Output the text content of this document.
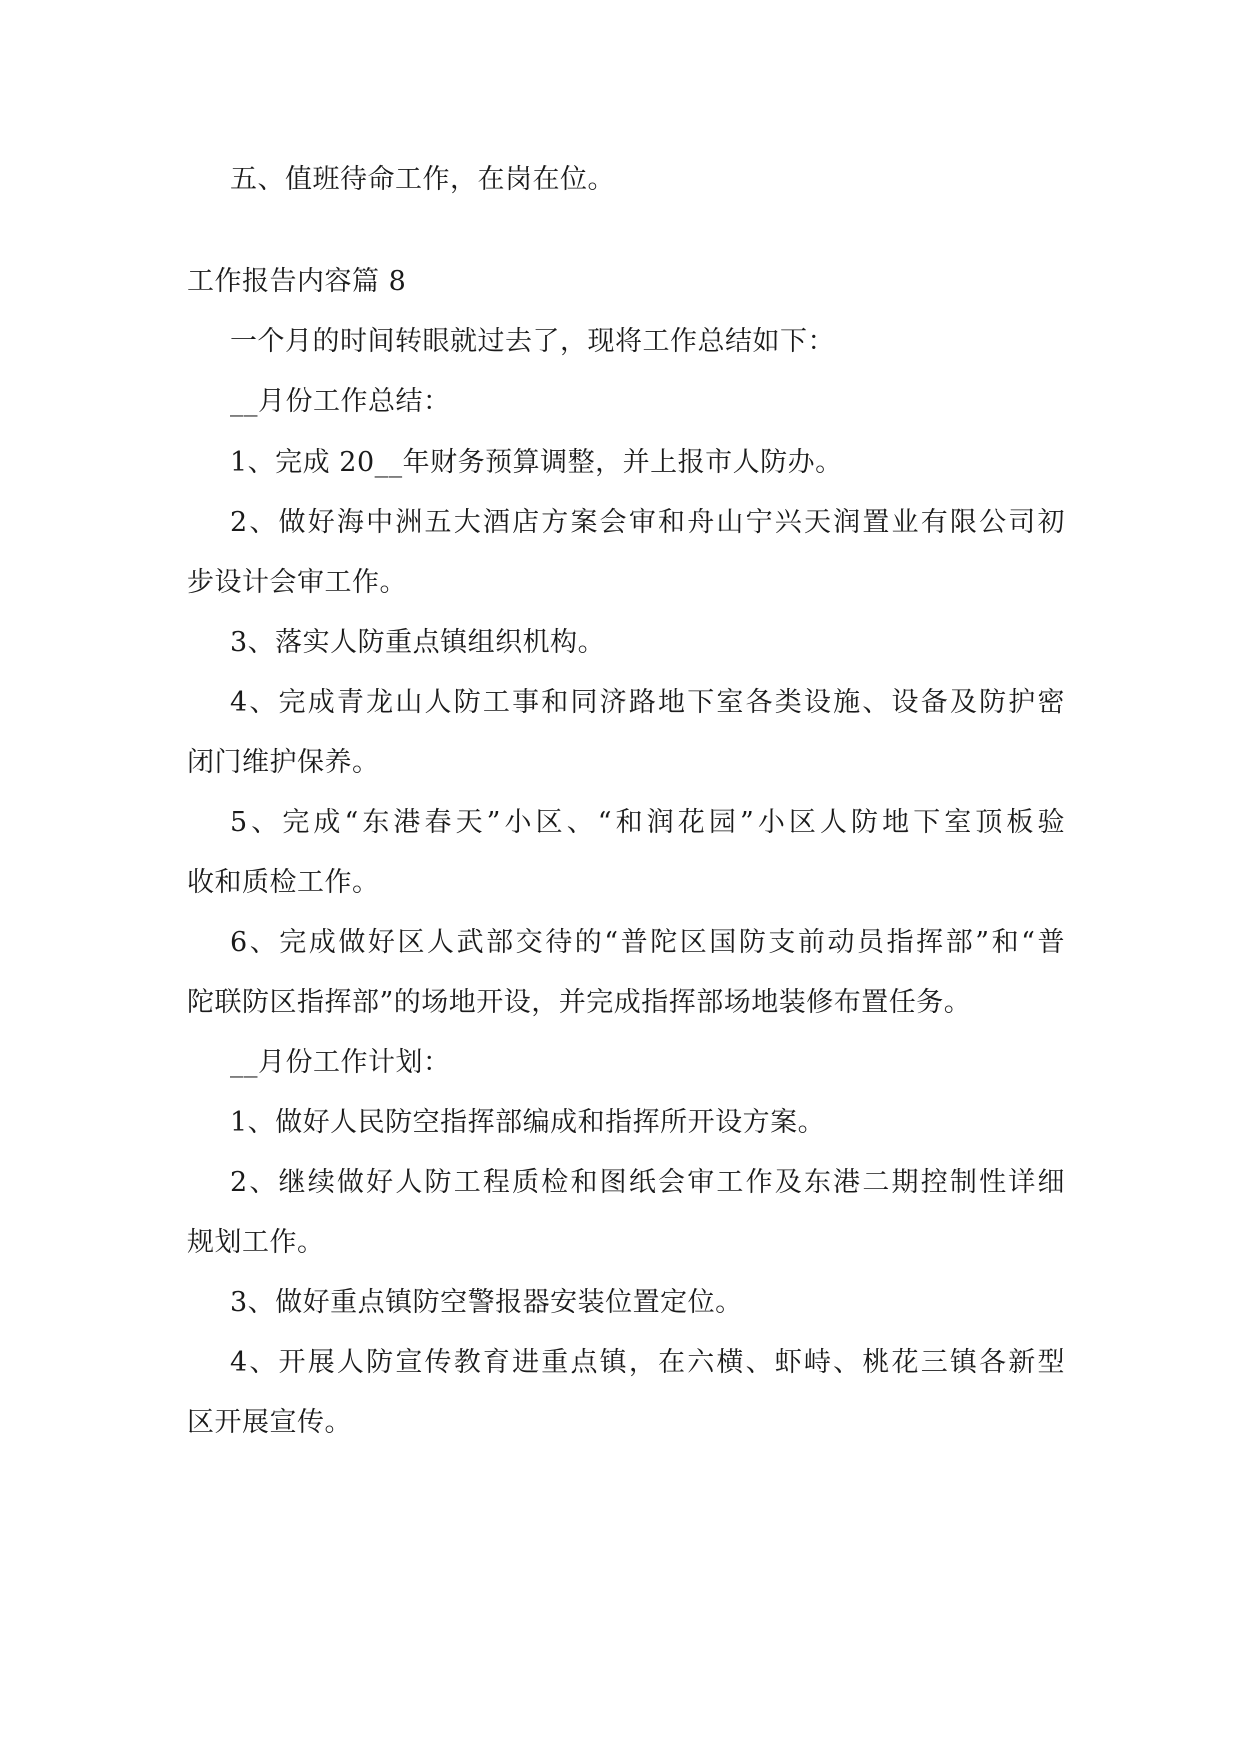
五、值班待命工作，在岗在位。
工作报告内容篇 8
一个月的时间转眼就过去了，现将工作总结如下：
__月份工作总结：
1、完成 20__年财务预算调整，并上报市人防办。
2、做好海中洲五大酒店方案会审和舟山宁兴天润置业有限公司初
步设计会审工作。
3、落实人防重点镇组织机构。
4、完成青龙山人防工事和同济路地下室各类设施、设备及防护密
闭门维护保养。
5、完成“东港春天”小区、“和润花园”小区人防地下室顶板验
收和质检工作。
6、完成做好区人武部交待的“普陀区国防支前动员指挥部”和“普
陀联防区指挥部”的场地开设，并完成指挥部场地装修布置任务。
__月份工作计划：
1、做好人民防空指挥部编成和指挥所开设方案。
2、继续做好人防工程质检和图纸会审工作及东港二期控制性详细
规划工作。
3、做好重点镇防空警报器安装位置定位。
4、开展人防宣传教育进重点镇，在六横、虾峙、桃花三镇各新型
区开展宣传。
